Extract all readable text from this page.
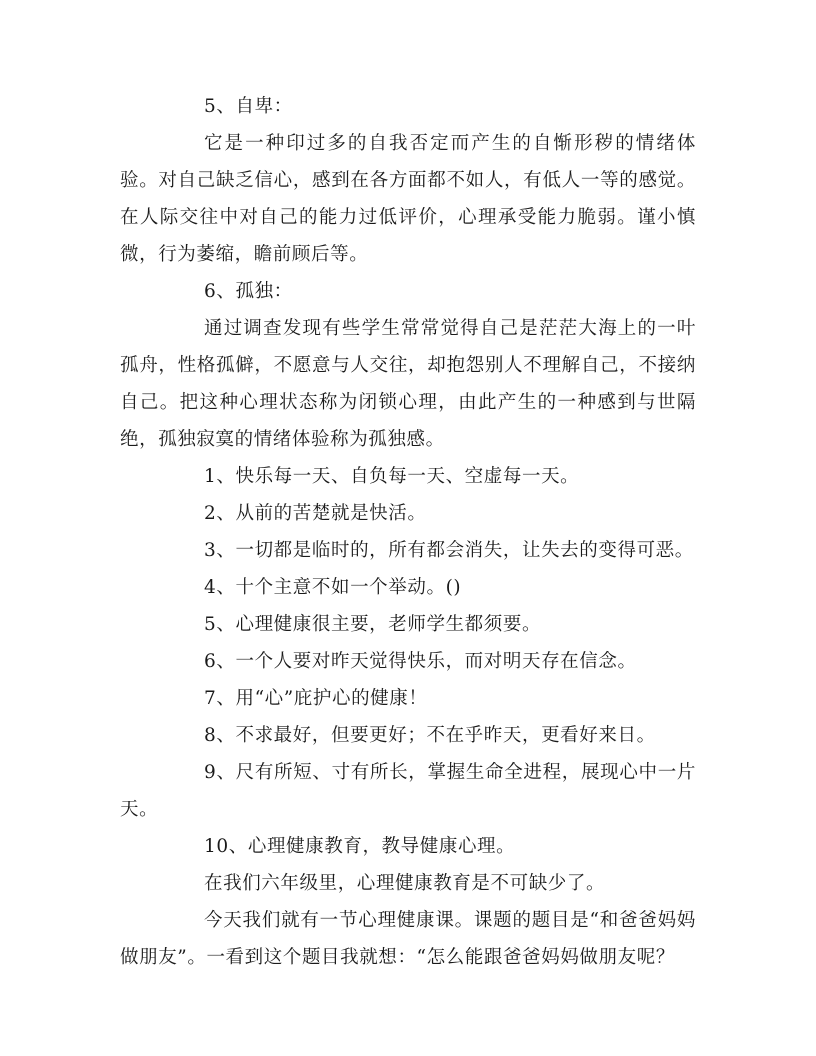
5、自卑：

它是一种印过多的自我否定而产生的自惭形秽的情绪体验。对自己缺乏信心，感到在各方面都不如人，有低人一等的感觉。在人际交往中对自己的能力过低评价，心理承受能力脆弱。谨小慎微，行为萎缩，瞻前顾后等。

6、孤独：

通过调查发现有些学生常常觉得自己是茫茫大海上的一叶孤舟，性格孤僻，不愿意与人交往，却抱怨别人不理解自己，不接纳自己。把这种心理状态称为闭锁心理，由此产生的一种感到与世隔绝，孤独寂寞的情绪体验称为孤独感。

1、快乐每一天、自负每一天、空虚每一天。

2、从前的苦楚就是快活。

3、一切都是临时的，所有都会消失，让失去的变得可恶。

4、十个主意不如一个举动。()

5、心理健康很主要，老师学生都须要。

6、一个人要对昨天觉得快乐，而对明天存在信念。

7、用“心”庇护心的健康！

8、不求最好，但要更好；不在乎昨天，更看好来日。

9、尺有所短、寸有所长，掌握生命全进程，展现心中一片天。

10、心理健康教育，教导健康心理。

在我们六年级里，心理健康教育是不可缺少了。

今天我们就有一节心理健康课。课题的题目是“和爸爸妈妈做朋友”。一看到这个题目我就想：“怎么能跟爸爸妈妈做朋友呢？
